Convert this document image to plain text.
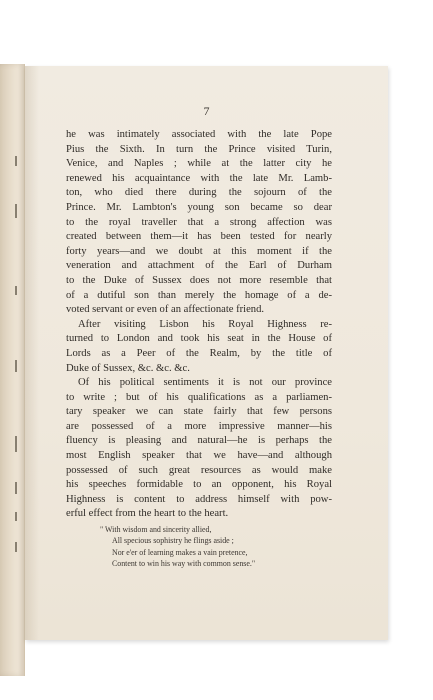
7
he was intimately associated with the late Pope
Pius the Sixth. In turn the Prince visited Turin,
Venice, and Naples ; while at the latter city he
renewed his acquaintance with the late Mr. Lamb-
ton, who died there during the sojourn of the
Prince. Mr. Lambton's young son became so dear
to the royal traveller that a strong affection was
created between them—it has been tested for nearly
forty years—and we doubt at this moment if the
veneration and attachment of the Earl of Durham
to the Duke of Sussex does not more resemble that
of a dutiful son than merely the homage of a de-
voted servant or even of an affectionate friend.
After visiting Lisbon his Royal Highness re-
turned to London and took his seat in the House of
Lords as a Peer of the Realm, by the title of
Duke of Sussex, &c. &c. &c.
Of his political sentiments it is not our province
to write ; but of his qualifications as a parliamen-
tary speaker we can state fairly that few persons
are possessed of a more impressive manner—his
fluency is pleasing and natural—he is perhaps the
most English speaker that we have—and although
possessed of such great resources as would make
his speeches formidable to an opponent, his Royal
Highness is content to address himself with pow-
erful effect from the heart to the heart.
" With wisdom and sincerity allied,
All specious sophistry he flings aside ;
Nor e'er of learning makes a vain pretence,
Content to win his way with common sense."
